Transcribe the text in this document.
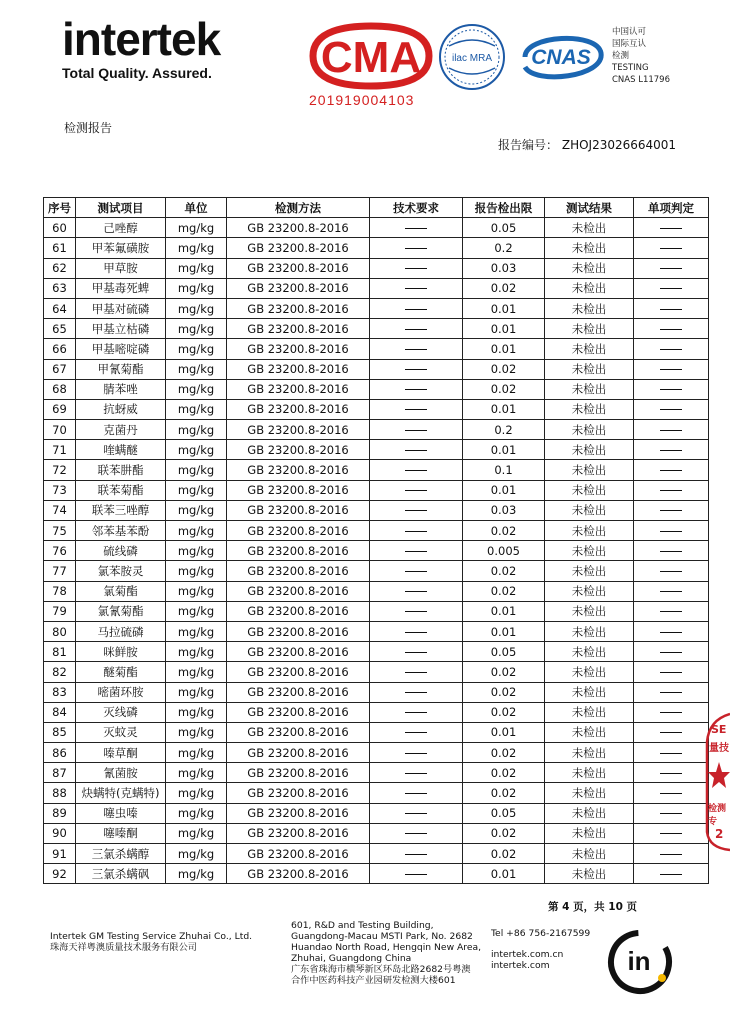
intertek
Total Quality. Assured. CMA
201919004103
ilac MRA CNAS
中国认可
国际互认
检测
TESTING
CNAS L11796
检测报告
报告编号： ZHOJ23026664001
序号	测试项目	单位	检测方法	技术要求	报告检出限	测试结果	单项判定
60	己唑醇	mg/kg	GB 23200.8-2016		0.05	未检出	
61	甲苯氟磺胺	mg/kg	GB 23200.8-2016		0.2	未检出	
62	甲草胺	mg/kg	GB 23200.8-2016		0.03	未检出	
63	甲基毒死蜱	mg/kg	GB 23200.8-2016		0.02	未检出	
64	甲基对硫磷	mg/kg	GB 23200.8-2016		0.01	未检出	
65	甲基立枯磷	mg/kg	GB 23200.8-2016		0.01	未检出	
66	甲基嘧啶磷	mg/kg	GB 23200.8-2016		0.01	未检出	
67	甲氰菊酯	mg/kg	GB 23200.8-2016		0.02	未检出	
68	腈苯唑	mg/kg	GB 23200.8-2016		0.02	未检出	
69	抗蚜威	mg/kg	GB 23200.8-2016		0.01	未检出	
70	克菌丹	mg/kg	GB 23200.8-2016		0.2	未检出	
71	喹螨醚	mg/kg	GB 23200.8-2016		0.01	未检出	
72	联苯肼酯	mg/kg	GB 23200.8-2016		0.1	未检出	
73	联苯菊酯	mg/kg	GB 23200.8-2016		0.01	未检出	
74	联苯三唑醇	mg/kg	GB 23200.8-2016		0.03	未检出	
75	邻苯基苯酚	mg/kg	GB 23200.8-2016		0.02	未检出	
76	硫线磷	mg/kg	GB 23200.8-2016		0.005	未检出	
77	氯苯胺灵	mg/kg	GB 23200.8-2016		0.02	未检出	
78	氯菊酯	mg/kg	GB 23200.8-2016		0.02	未检出	
79	氯氰菊酯	mg/kg	GB 23200.8-2016		0.01	未检出	
80	马拉硫磷	mg/kg	GB 23200.8-2016		0.01	未检出	
81	咪鲜胺	mg/kg	GB 23200.8-2016		0.05	未检出	
82	醚菊酯	mg/kg	GB 23200.8-2016		0.02	未检出	
83	嘧菌环胺	mg/kg	GB 23200.8-2016		0.02	未检出	
84	灭线磷	mg/kg	GB 23200.8-2016		0.02	未检出	
85	灭蚊灵	mg/kg	GB 23200.8-2016		0.01	未检出	
86	嗪草酮	mg/kg	GB 23200.8-2016		0.02	未检出	
87	氰菌胺	mg/kg	GB 23200.8-2016		0.02	未检出	
88	炔螨特(克螨特)	mg/kg	GB 23200.8-2016		0.02	未检出	
89	噻虫嗪	mg/kg	GB 23200.8-2016		0.05	未检出	
90	噻嗪酮	mg/kg	GB 23200.8-2016		0.02	未检出	
91	三氯杀螨醇	mg/kg	GB 23200.8-2016		0.02	未检出	
92	三氯杀螨砜	mg/kg	GB 23200.8-2016		0.01	未检出	
第 4 页，共 10 页
Intertek GM Testing Service Zhuhai Co., Ltd.
珠海天祥粤澳质量技术服务有限公司
601, R&D and Testing Building,
Guangdong-Macau MSTI Park, No. 2682
Huandao North Road, Hengqin New Area,
Zhuhai, Guangdong China
广东省珠海市横琴新区环岛北路2682号粤澳
合作中医药科技产业园研发检测大楼601
Tel +86 756-2167599
intertek.com.cn
intertek.com	in
SE
量技
检测专
2
